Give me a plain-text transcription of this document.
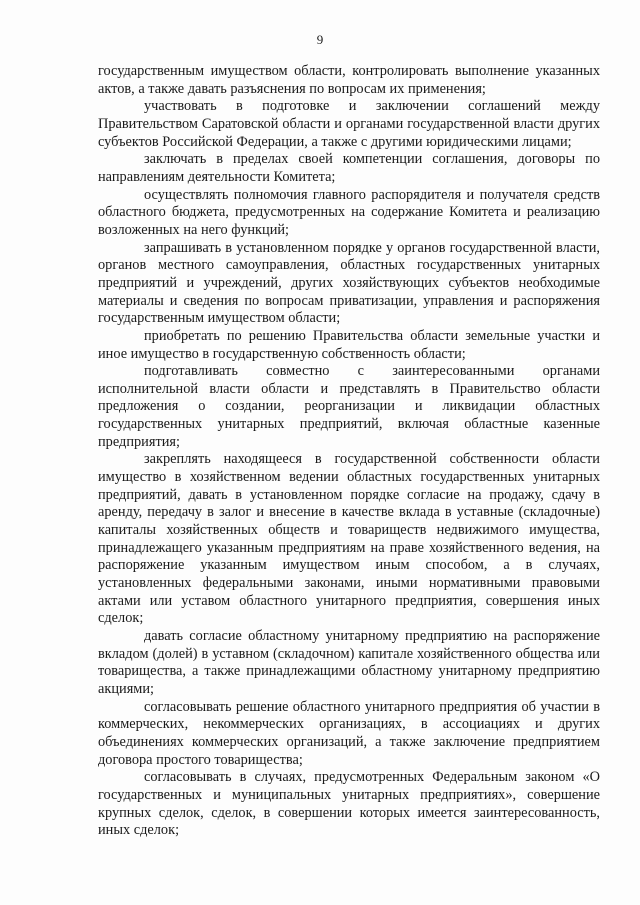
9

государственным имуществом области, контролировать выполнение указанных актов, а также давать разъяснения по вопросам их применения;

участвовать в подготовке и заключении соглашений между Правительством Саратовской области и органами государственной власти других субъектов Российской Федерации, а также с другими юридическими лицами;

заключать в пределах своей компетенции соглашения, договоры по направлениям деятельности Комитета;

осуществлять полномочия главного распорядителя и получателя средств областного бюджета, предусмотренных на содержание Комитета и реализацию возложенных на него функций;

запрашивать в установленном порядке у органов государственной власти, органов местного самоуправления, областных государственных унитарных предприятий и учреждений, других хозяйствующих субъектов необходимые материалы и сведения по вопросам приватизации, управления и распоряжения государственным имуществом области;

приобретать по решению Правительства области земельные участки и иное имущество в государственную собственность области;

подготавливать совместно с заинтересованными органами исполнительной власти области и представлять в Правительство области предложения о создании, реорганизации и ликвидации областных государственных унитарных предприятий, включая областные казенные предприятия;

закреплять находящееся в государственной собственности области имущество в хозяйственном ведении областных государственных унитарных предприятий, давать в установленном порядке согласие на продажу, сдачу в аренду, передачу в залог и внесение в качестве вклада в уставные (складочные) капиталы хозяйственных обществ и товариществ недвижимого имущества, принадлежащего указанным предприятиям на праве хозяйственного ведения, на распоряжение указанным имуществом иным способом, а в случаях, установленных федеральными законами, иными нормативными правовыми актами или уставом областного унитарного предприятия, совершения иных сделок;

давать согласие областному унитарному предприятию на распоряжение вкладом (долей) в уставном (складочном) капитале хозяйственного общества или товарищества, а также принадлежащими областному унитарному предприятию акциями;

согласовывать решение областного унитарного предприятия об участии в коммерческих, некоммерческих организациях, в ассоциациях и других объединениях коммерческих организаций, а также заключение предприятием договора простого товарищества;

согласовывать в случаях, предусмотренных Федеральным законом «О государственных и муниципальных унитарных предприятиях», совершение крупных сделок, сделок, в совершении которых имеется заинтересованность, иных сделок;
